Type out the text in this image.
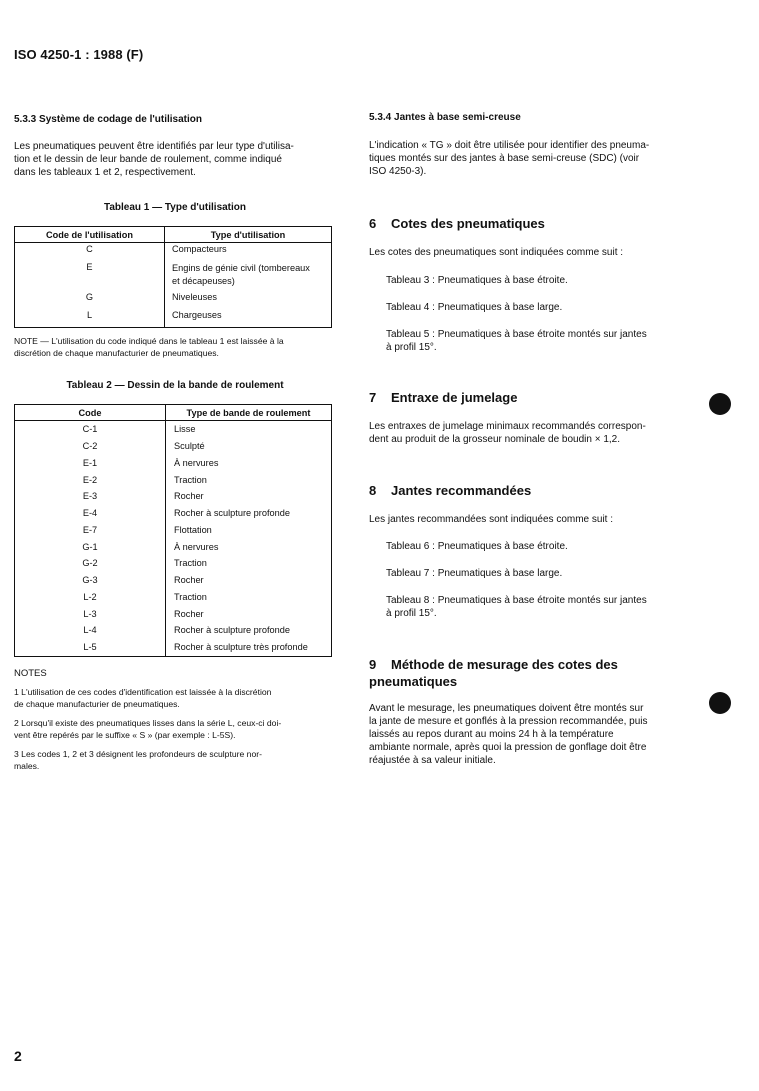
ISO 4250-1 : 1988 (F)
5.3.3 Système de codage de l'utilisation
Les pneumatiques peuvent être identifiés par leur type d'utilisa-
tion et le dessin de leur bande de roulement, comme indiqué
dans les tableaux 1 et 2, respectivement.
Tableau 1 — Type d'utilisation
Code de l'utilisation	Type d'utilisation
C	Compacteurs
E	Engins de génie civil (tombereaux
et décapeuses)

G	Niveleuses
L	Chargeuses
NOTE — L'utilisation du code indiqué dans le tableau 1 est laissée à la
discrétion de chaque manufacturier de pneumatiques.
Tableau 2 — Dessin de la bande de roulement
Code	Type de bande de roulement
C-1	Lisse
C-2	Sculpté
E-1	À nervures
E-2	Traction
E-3	Rocher
E-4	Rocher à sculpture profonde
E-7	Flottation
G-1	À nervures
G-2	Traction
G-3	Rocher
L-2	Traction
L-3	Rocher
L-4	Rocher à sculpture profonde
L-5	Rocher à sculpture très profonde
NOTES
1 L'utilisation de ces codes d'identification est laissée à la discrétion
de chaque manufacturier de pneumatiques.
2 Lorsqu'il existe des pneumatiques lisses dans la série L, ceux-ci doi-
vent être repérés par le suffixe « S » (par exemple : L-5S).
3 Les codes 1, 2 et 3 désignent les profondeurs de sculpture nor-
males.
5.3.4 Jantes à base semi-creuse
L'indication « TG » doit être utilisée pour identifier des pneuma-
tiques montés sur des jantes à base semi-creuse (SDC) (voir
ISO 4250-3).
6 Cotes des pneumatiques
Les cotes des pneumatiques sont indiquées comme suit :
Tableau 3 : Pneumatiques à base étroite.
Tableau 4 : Pneumatiques à base large.
Tableau 5 : Pneumatiques à base étroite montés sur jantes
à profil 15°.
7 Entraxe de jumelage
Les entraxes de jumelage minimaux recommandés correspon-
dent au produit de la grosseur nominale de boudin × 1,2.
8 Jantes recommandées
Les jantes recommandées sont indiquées comme suit :
Tableau 6 : Pneumatiques à base étroite.
Tableau 7 : Pneumatiques à base large.
Tableau 8 : Pneumatiques à base étroite montés sur jantes
à profil 15°.
9 Méthode de mesurage des cotes des
pneumatiques
Avant le mesurage, les pneumatiques doivent être montés sur
la jante de mesure et gonflés à la pression recommandée, puis
laissés au repos durant au moins 24 h à la température
ambiante normale, après quoi la pression de gonflage doit être
réajustée à sa valeur initiale.
2
